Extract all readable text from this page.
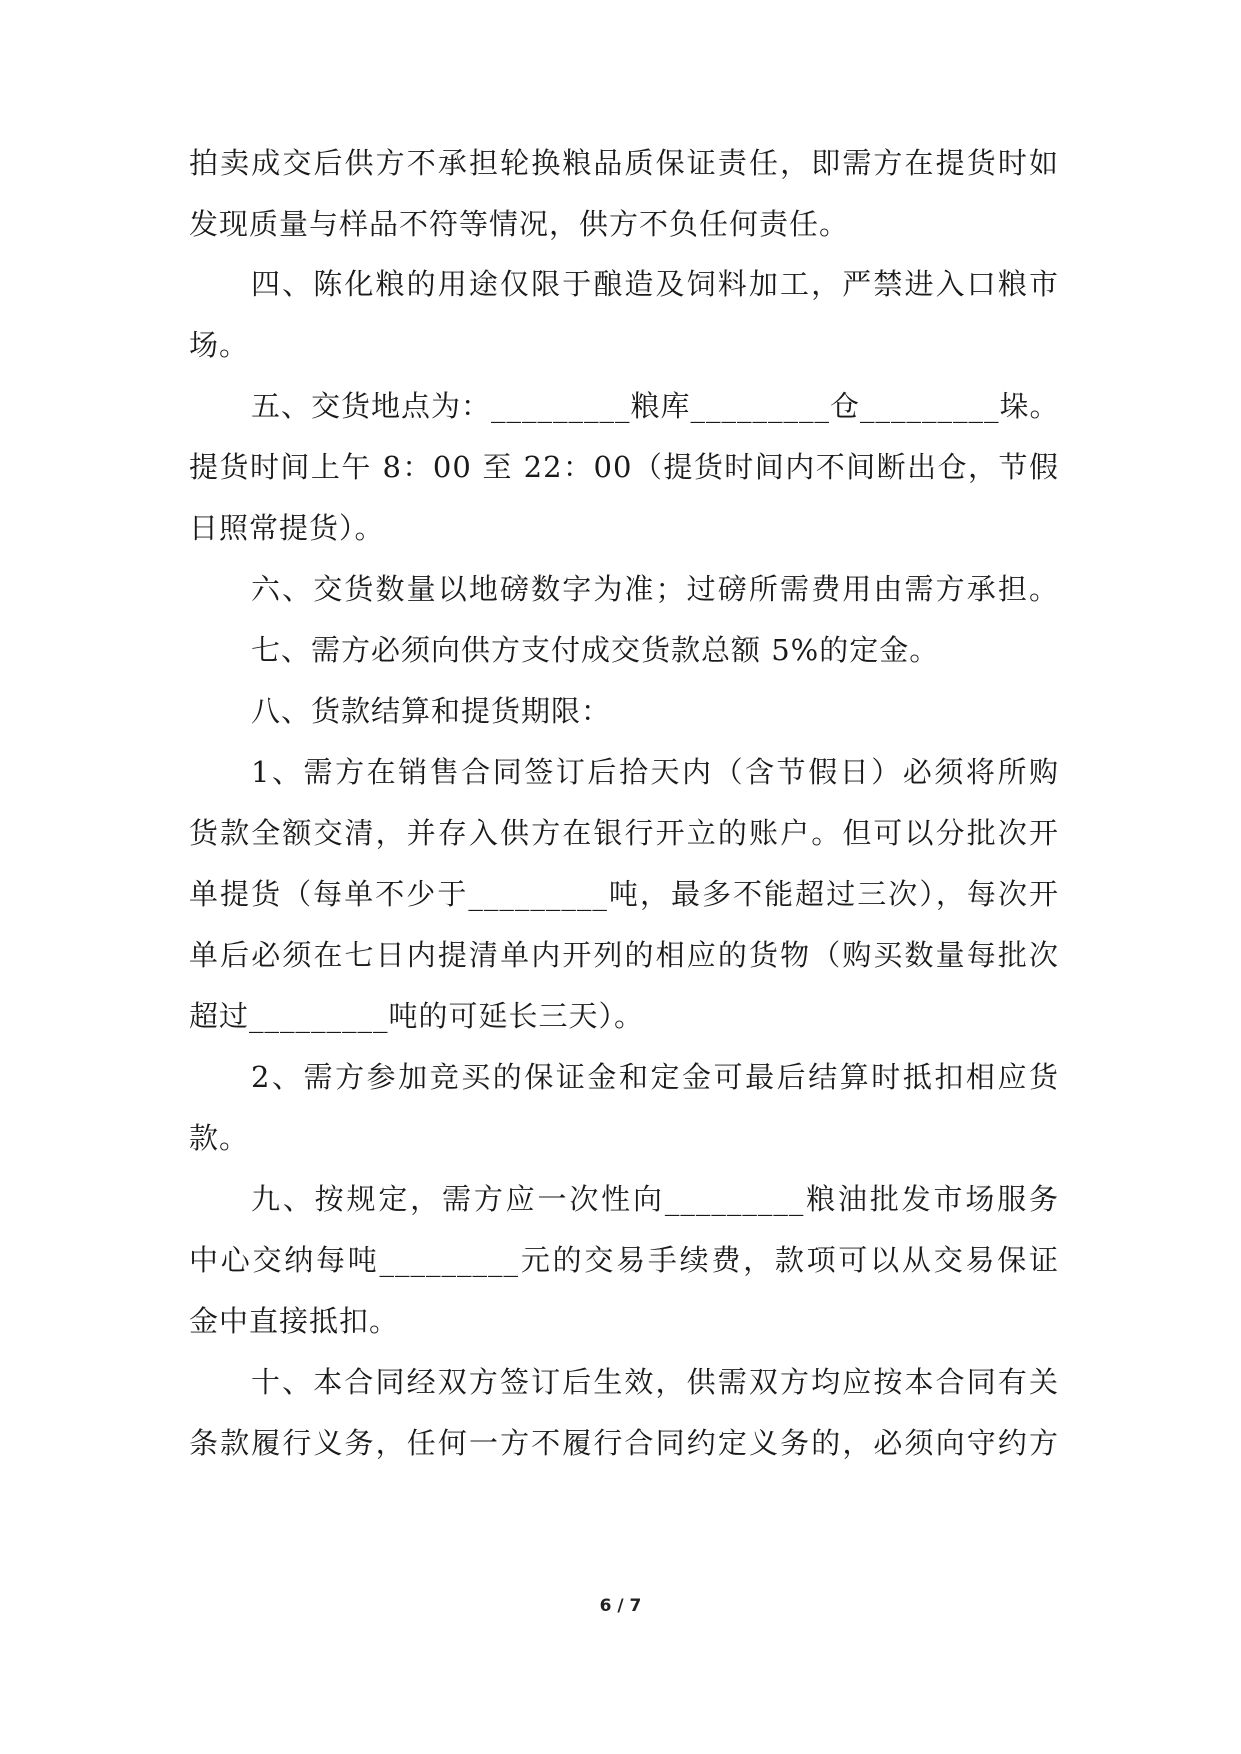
拍卖成交后供方不承担轮换粮品质保证责任，即需方在提货时如
发现质量与样品不符等情况，供方不负任何责任。
四、陈化粮的用途仅限于酿造及饲料加工，严禁进入口粮市
场。
五、交货地点为：_________粮库_________仓_________垛。
提货时间上午 8：00 至 22：00（提货时间内不间断出仓，节假
日照常提货）。
六、交货数量以地磅数字为准；过磅所需费用由需方承担。
七、需方必须向供方支付成交货款总额 5%的定金。
八、货款结算和提货期限：
1、需方在销售合同签订后拾天内（含节假日）必须将所购
货款全额交清，并存入供方在银行开立的账户。但可以分批次开
单提货（每单不少于_________吨，最多不能超过三次），每次开
单后必须在七日内提清单内开列的相应的货物（购买数量每批次
超过_________吨的可延长三天）。
2、需方参加竞买的保证金和定金可最后结算时抵扣相应货
款。
九、按规定，需方应一次性向_________粮油批发市场服务
中心交纳每吨_________元的交易手续费，款项可以从交易保证
金中直接抵扣。
十、本合同经双方签订后生效，供需双方均应按本合同有关
条款履行义务，任何一方不履行合同约定义务的，必须向守约方
6 / 7
